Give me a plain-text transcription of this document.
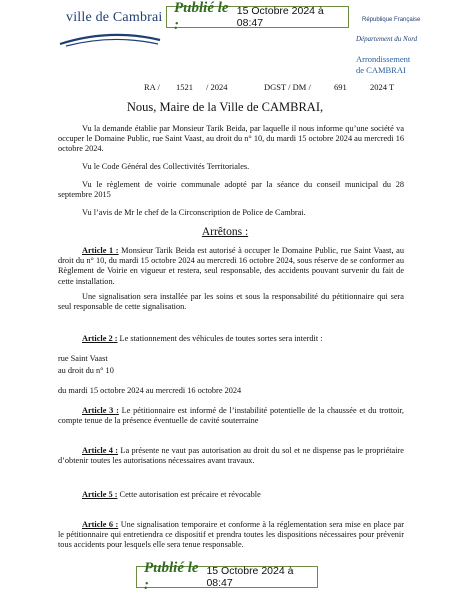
ville de Cambrai
Publié le :
15 Octobre 2024 à 08:47	République Française
Département du Nord
Arrondissement
de CAMBRAI
RA / 1521 / 2024	DGST / DM /	691	2024 T
Nous, Maire de la Ville de CAMBRAI,
Vu la demande établie par Monsieur Tarik Beida, par laquelle il nous informe qu’une société va occuper le Domaine Public, rue Saint Vaast, au droit du n° 10, du mardi 15 octobre 2024 au mercredi 16 octobre 2024.
Vu le Code Général des Collectivités Territoriales.
Vu le règlement de voirie communale adopté par la séance du conseil municipal du 28 septembre 2015
Vu l’avis de Mr le chef de la Circonscription de Police de Cambrai.
Arrêtons :
Article 1 : Monsieur Tarik Beida est autorisé à occuper le Domaine Public, rue Saint Vaast, au droit du n° 10, du mardi 15 octobre 2024 au mercredi 16 octobre 2024, sous réserve de se conformer au Règlement de Voirie en vigueur et restera, seul responsable, des accidents pouvant survenir du fait de cette installation.
Une signalisation sera installée par les soins et sous la responsabilité du pétitionnaire qui sera seul responsable de cette signalisation.
Article 2 : Le stationnement des véhicules de toutes sortes sera interdit :
rue Saint Vaast
au droit du n° 10
du mardi 15 octobre 2024 au mercredi 16 octobre 2024
Article 3 : Le pétitionnaire est informé de l’instabilité potentielle de la chaussée et du trottoir, compte tenue de la présence éventuelle de cavité souterraine
Article 4 : La présente ne vaut pas autorisation au droit du sol et ne dispense pas le propriétaire d’obtenir toutes les autorisations nécessaires avant travaux.
Article 5 : Cette autorisation est précaire et révocable
Article 6 : Une signalisation temporaire et conforme à la réglementation sera mise en place par le pétitionnaire qui entretiendra ce dispositif et prendra toutes les dispositions nécessaires pour prévenir tous accidents pour lesquels elle sera tenue responsable.
Publié le :
15 Octobre 2024 à 08:47
